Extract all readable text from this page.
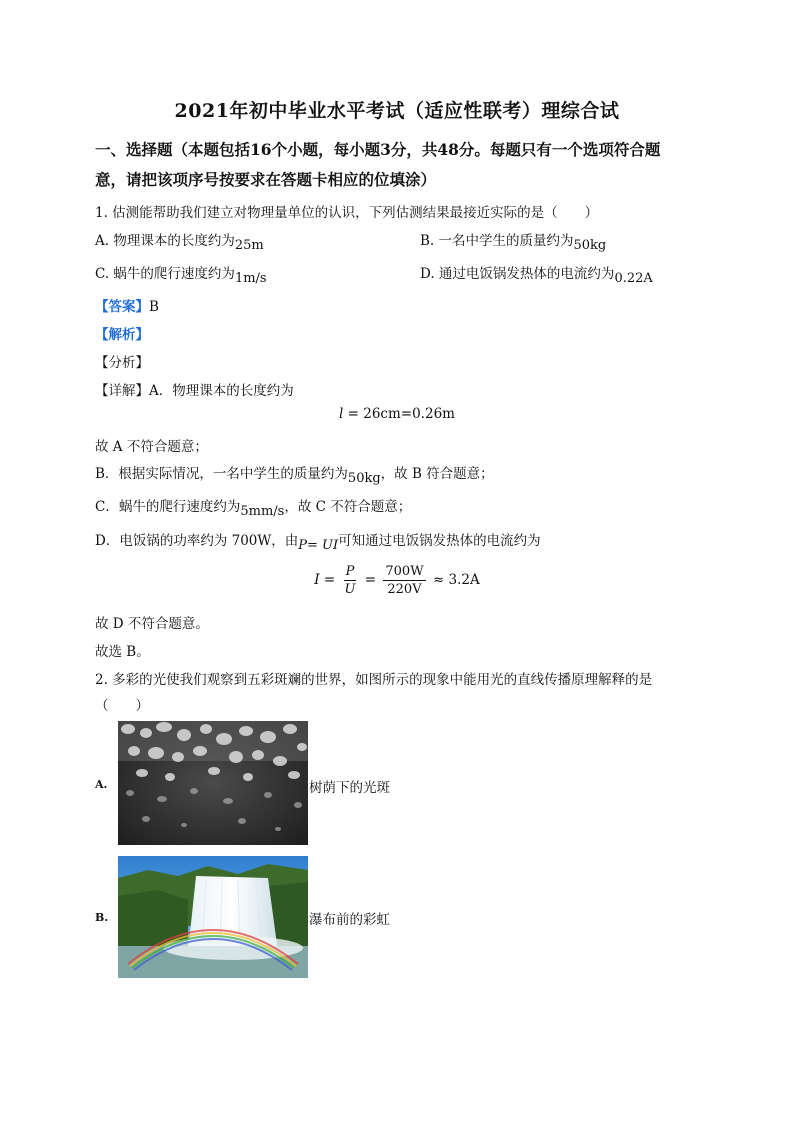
2021年初中毕业水平考试（适应性联考）理综合试
一、选择题（本题包括16个小题，每小题3分，共48分。每题只有一个选项符合题
意，请把该项序号按要求在答题卡相应的位填涂）
1. 估测能帮助我们建立对物理量单位的认识，下列估测结果最接近实际的是（　　）
A. 物理课本的长度约为25m	B. 一名中学生的质量约为50kg
C. 蜗牛的爬行速度约为1m/s	D. 通过电饭锅发热体的电流约为0.22A
【答案】B
【解析】
【分析】
【详解】A．物理课本的长度约为
l = 26cm=0.26m
故 A 不符合题意；
B．根据实际情况，一名中学生的质量约为50kg，故 B 符合题意；
C．蜗牛的爬行速度约为5mm/s，故 C 不符合题意；
D．电饭锅的功率约为 700W，由P= UI可知通过电饭锅发热体的电流约为
$I = \frac{P}{U} = \frac{700W}{220V} \approx 3.2A$
故 D 不符合题意。
故选 B。
2. 多彩的光使我们观察到五彩斑斓的世界，如图所示的现象中能用光的直线传播原理解释的是
（　　）
A.	树荫下的光斑
B.	瀑布前的彩虹
